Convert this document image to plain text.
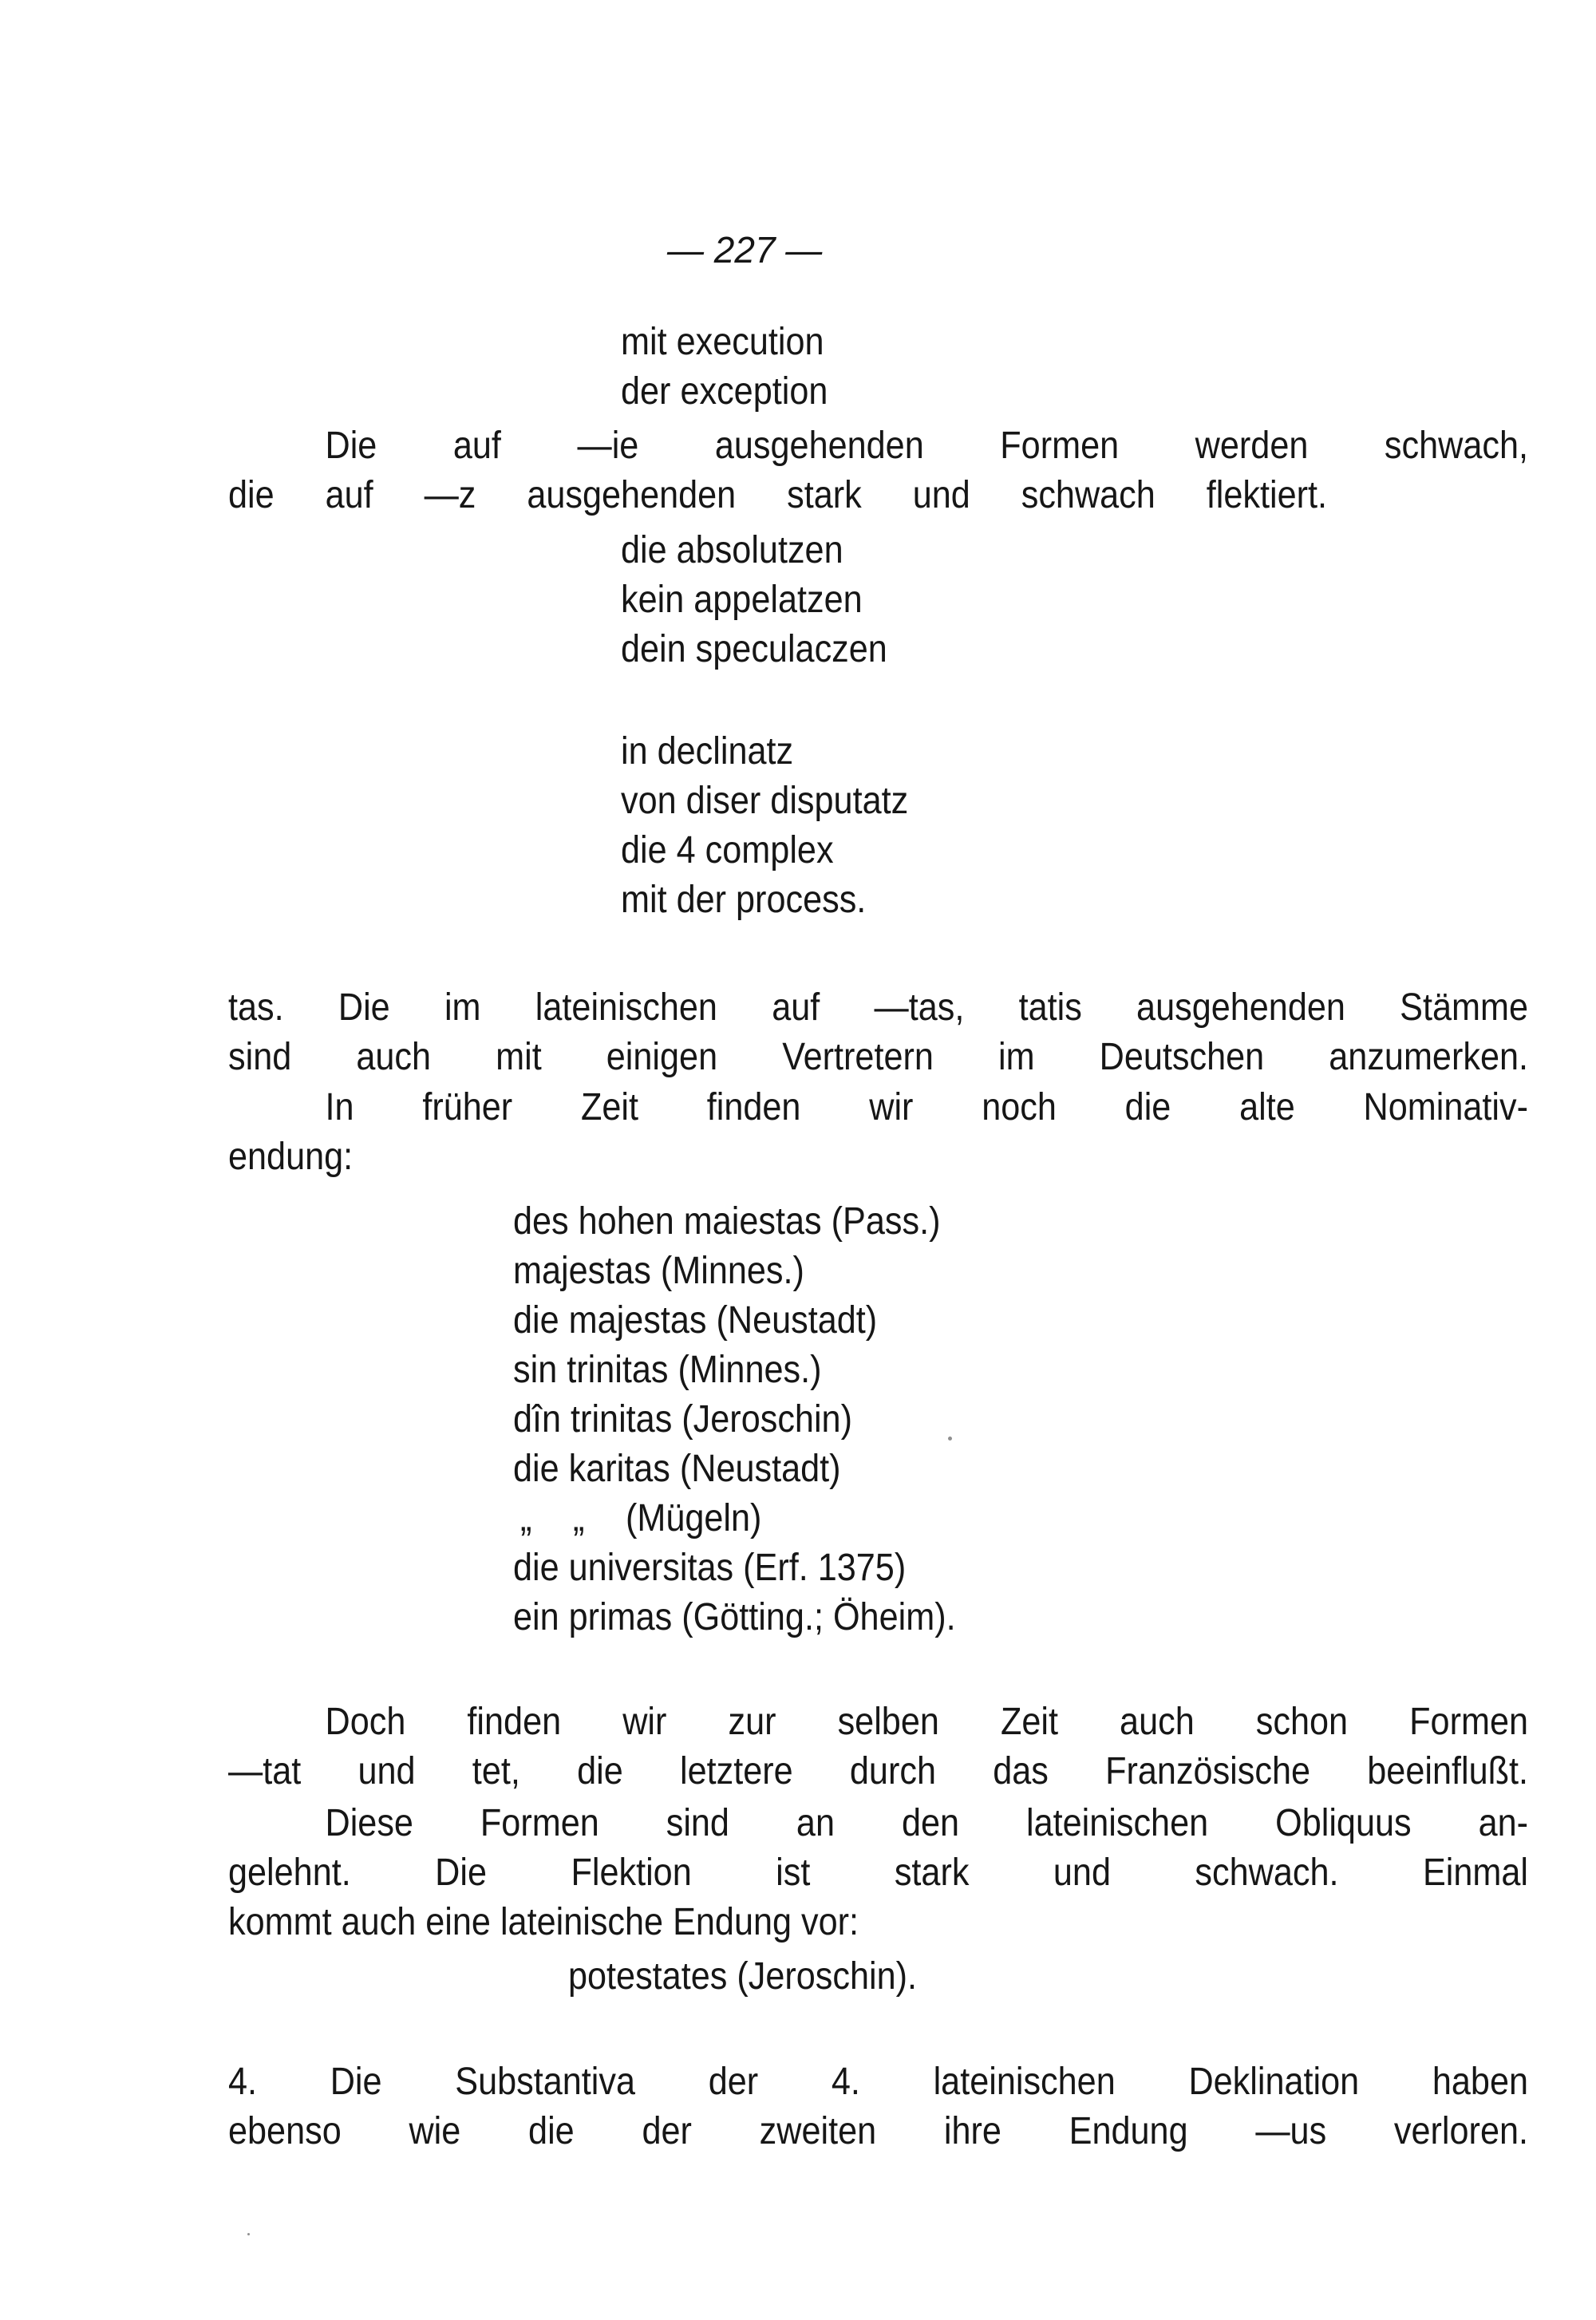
— 227 —
mit execution
der exception
Die auf —ie ausgehenden Formen werden schwach,
die auf —z ausgehenden stark und schwach flektiert.
die absolutzen
kein appelatzen
dein speculaczen
in declinatz
von diser disputatz
die 4 complex
mit der process.
tas. Die im lateinischen auf —tas, tatis ausgehenden Stämme
sind auch mit einigen Vertretern im Deutschen anzumerken.
In früher Zeit finden wir noch die alte Nominativ-
endung:
des hohen maiestas (Pass.)
majestas (Minnes.)
die majestas (Neustadt)
sin trinitas (Minnes.)
dîn trinitas (Jeroschin)
die karitas (Neustadt)
„ „ (Mügeln)
die universitas (Erf. 1375)
ein primas (Götting.; Öheim).
Doch finden wir zur selben Zeit auch schon Formen
—tat und tet, die letztere durch das Französische beeinflußt.
Diese Formen sind an den lateinischen Obliquus an-
gelehnt. Die Flektion ist stark und schwach. Einmal
kommt auch eine lateinische Endung vor:
potestates (Jeroschin).
4. Die Substantiva der 4. lateinischen Deklination haben
ebenso wie die der zweiten ihre Endung —us verloren.
